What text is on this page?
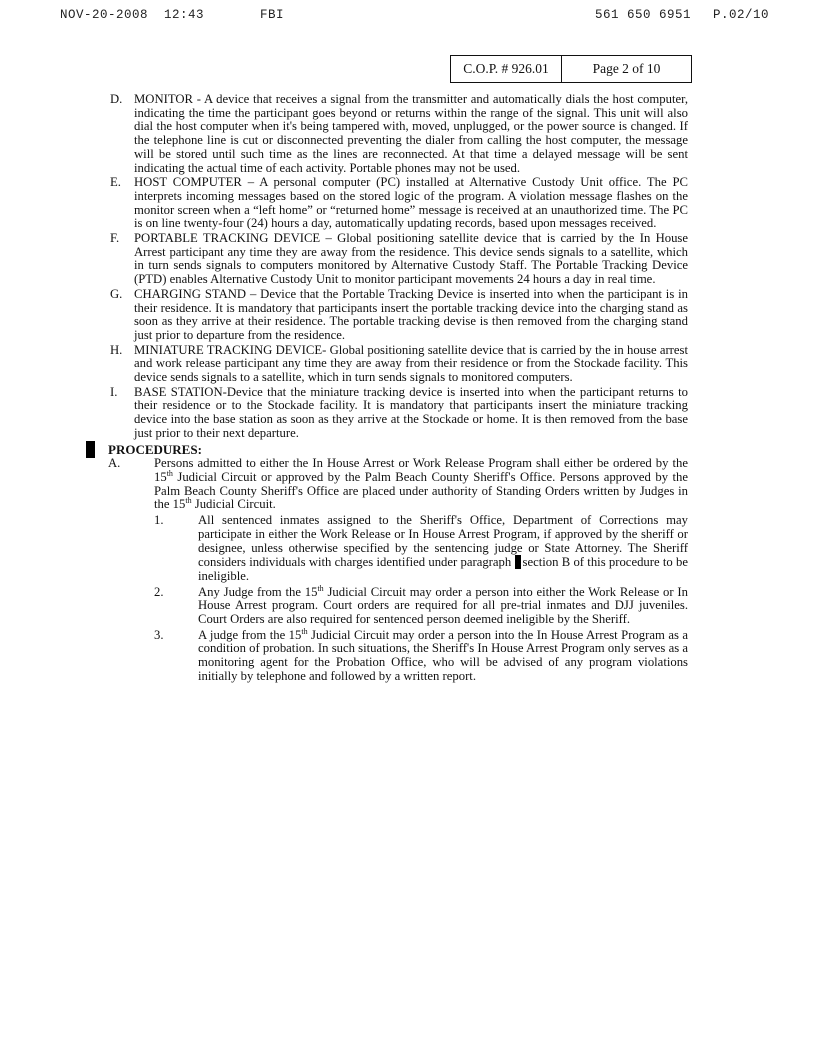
NOV-20-2008 12:43	FBI	561 650 6951 P.02/10
C.O.P. # 926.01	Page 2 of 10
D. MONITOR - A device that receives a signal from the transmitter and automatically dials the host computer, indicating the time the participant goes beyond or returns within the range of the signal. This unit will also dial the host computer when it's being tampered with, moved, unplugged, or the power source is changed. If the telephone line is cut or disconnected preventing the dialer from calling the host computer, the message will be stored until such time as the lines are reconnected. At that time a delayed message will be sent indicating the actual time of each activity. Portable phones may not be used.
E. HOST COMPUTER – A personal computer (PC) installed at Alternative Custody Unit office. The PC interprets incoming messages based on the stored logic of the program. A violation message flashes on the monitor screen when a “left home” or “returned home” message is received at an unauthorized time. The PC is on line twenty-four (24) hours a day, automatically updating records, based upon messages received.
F. PORTABLE TRACKING DEVICE – Global positioning satellite device that is carried by the In House Arrest participant any time they are away from the residence. This device sends signals to a satellite, which in turn sends signals to computers monitored by Alternative Custody Staff. The Portable Tracking Device (PTD) enables Alternative Custody Unit to monitor participant movements 24 hours a day in real time.
G. CHARGING STAND – Device that the Portable Tracking Device is inserted into when the participant is in their residence. It is mandatory that participants insert the portable tracking device into the charging stand as soon as they arrive at their residence. The portable tracking devise is then removed from the charging stand just prior to departure from the residence.
H. MINIATURE TRACKING DEVICE- Global positioning satellite device that is carried by the in house arrest and work release participant any time they are away from their residence or from the Stockade facility. This device sends signals to a satellite, which in turn sends signals to monitored computers.
I. BASE STATION-Device that the miniature tracking device is inserted into when the participant returns to their residence or to the Stockade facility. It is mandatory that participants insert the miniature tracking device into the base station as soon as they arrive at the Stockade or home. It is then removed from the base just prior to their next departure.
PROCEDURES:
A.	Persons admitted to either the In House Arrest or Work Release Program shall either be ordered by the 15th Judicial Circuit or approved by the Palm Beach County Sheriff's Office. Persons approved by the Palm Beach County Sheriff's Office are placed under authority of Standing Orders written by Judges in the 15th Judicial Circuit.
1.	All sentenced inmates assigned to the Sheriff's Office, Department of Corrections may participate in either the Work Release or In House Arrest Program, if approved by the sheriff or designee, unless otherwise specified by the sentencing judge or State Attorney. The Sheriff considers individuals with charges identified under paragraph section B of this procedure to be ineligible.
2.	Any Judge from the 15th Judicial Circuit may order a person into either the Work Release or In House Arrest program. Court orders are required for all pre-trial inmates and DJJ juveniles. Court Orders are also required for sentenced person deemed ineligible by the Sheriff.
3.	A judge from the 15th Judicial Circuit may order a person into the In House Arrest Program as a condition of probation. In such situations, the Sheriff's In House Arrest Program only serves as a monitoring agent for the Probation Office, who will be advised of any program violations initially by telephone and followed by a written report.
